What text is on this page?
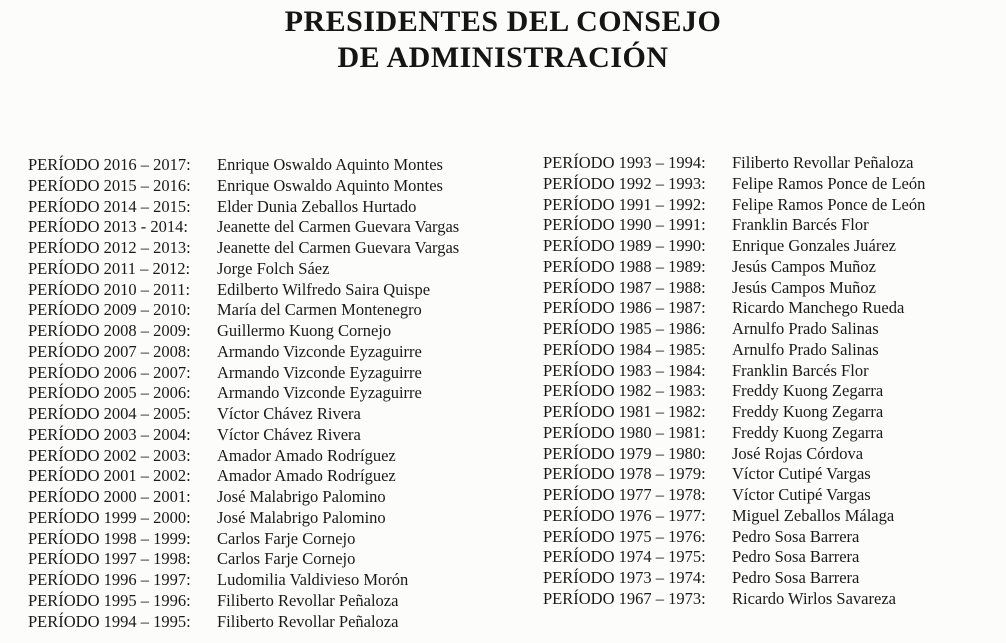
PRESIDENTES DEL CONSEJO
DE ADMINISTRACIÓN
PERÍODO 2016 – 2017:	Enrique Oswaldo Aquinto Montes
PERÍODO 2015 – 2016:	Enrique Oswaldo Aquinto Montes
PERÍODO 2014 – 2015:	Elder Dunia Zeballos Hurtado
PERÍODO 2013 - 2014:	Jeanette del Carmen Guevara Vargas
PERÍODO 2012 – 2013:	Jeanette del Carmen Guevara Vargas
PERÍODO 2011 – 2012:	Jorge Folch Sáez
PERÍODO 2010 – 2011:	Edilberto Wilfredo Saira Quispe
PERÍODO 2009 – 2010:	María del Carmen Montenegro
PERÍODO 2008 – 2009:	Guillermo Kuong Cornejo
PERÍODO 2007 – 2008:	Armando Vizconde Eyzaguirre
PERÍODO 2006 – 2007:	Armando Vizconde Eyzaguirre
PERÍODO 2005 – 2006:	Armando Vizconde Eyzaguirre
PERÍODO 2004 – 2005:	Víctor Chávez Rivera
PERÍODO 2003 – 2004:	Víctor Chávez Rivera
PERÍODO 2002 – 2003:	Amador Amado Rodríguez
PERÍODO 2001 – 2002:	Amador Amado Rodríguez
PERÍODO 2000 – 2001:	José Malabrigo Palomino
PERÍODO 1999 – 2000:	José Malabrigo Palomino
PERÍODO 1998 – 1999:	Carlos Farje Cornejo
PERÍODO 1997 – 1998:	Carlos Farje Cornejo
PERÍODO 1996 – 1997:	Ludomilia Valdivieso Morón
PERÍODO 1995 – 1996:	Filiberto Revollar Peñaloza
PERÍODO 1994 – 1995:	Filiberto Revollar Peñaloza
PERÍODO 1993 – 1994:	Filiberto Revollar Peñaloza
PERÍODO 1992 – 1993:	Felipe Ramos Ponce de León
PERÍODO 1991 – 1992:	Felipe Ramos Ponce de León
PERÍODO 1990 – 1991:	Franklin Barcés Flor
PERÍODO 1989 – 1990:	Enrique Gonzales Juárez
PERÍODO 1988 – 1989:	Jesús Campos Muñoz
PERÍODO 1987 – 1988:	Jesús Campos Muñoz
PERÍODO 1986 – 1987:	Ricardo Manchego Rueda
PERÍODO 1985 – 1986:	Arnulfo Prado Salinas
PERÍODO 1984 – 1985:	Arnulfo Prado Salinas
PERÍODO 1983 – 1984:	Franklin Barcés Flor
PERÍODO 1982 – 1983:	Freddy Kuong Zegarra
PERÍODO 1981 – 1982:	Freddy Kuong Zegarra
PERÍODO 1980 – 1981:	Freddy Kuong Zegarra
PERÍODO 1979 – 1980:	José Rojas Córdova
PERÍODO 1978 – 1979:	Víctor Cutipé Vargas
PERÍODO 1977 – 1978:	Víctor Cutipé Vargas
PERÍODO 1976 – 1977:	Miguel Zeballos Málaga
PERÍODO 1975 – 1976:	Pedro Sosa Barrera
PERÍODO 1974 – 1975:	Pedro Sosa Barrera
PERÍODO 1973 – 1974:	Pedro Sosa Barrera
PERÍODO 1967 – 1973:	Ricardo Wirlos Savareza
